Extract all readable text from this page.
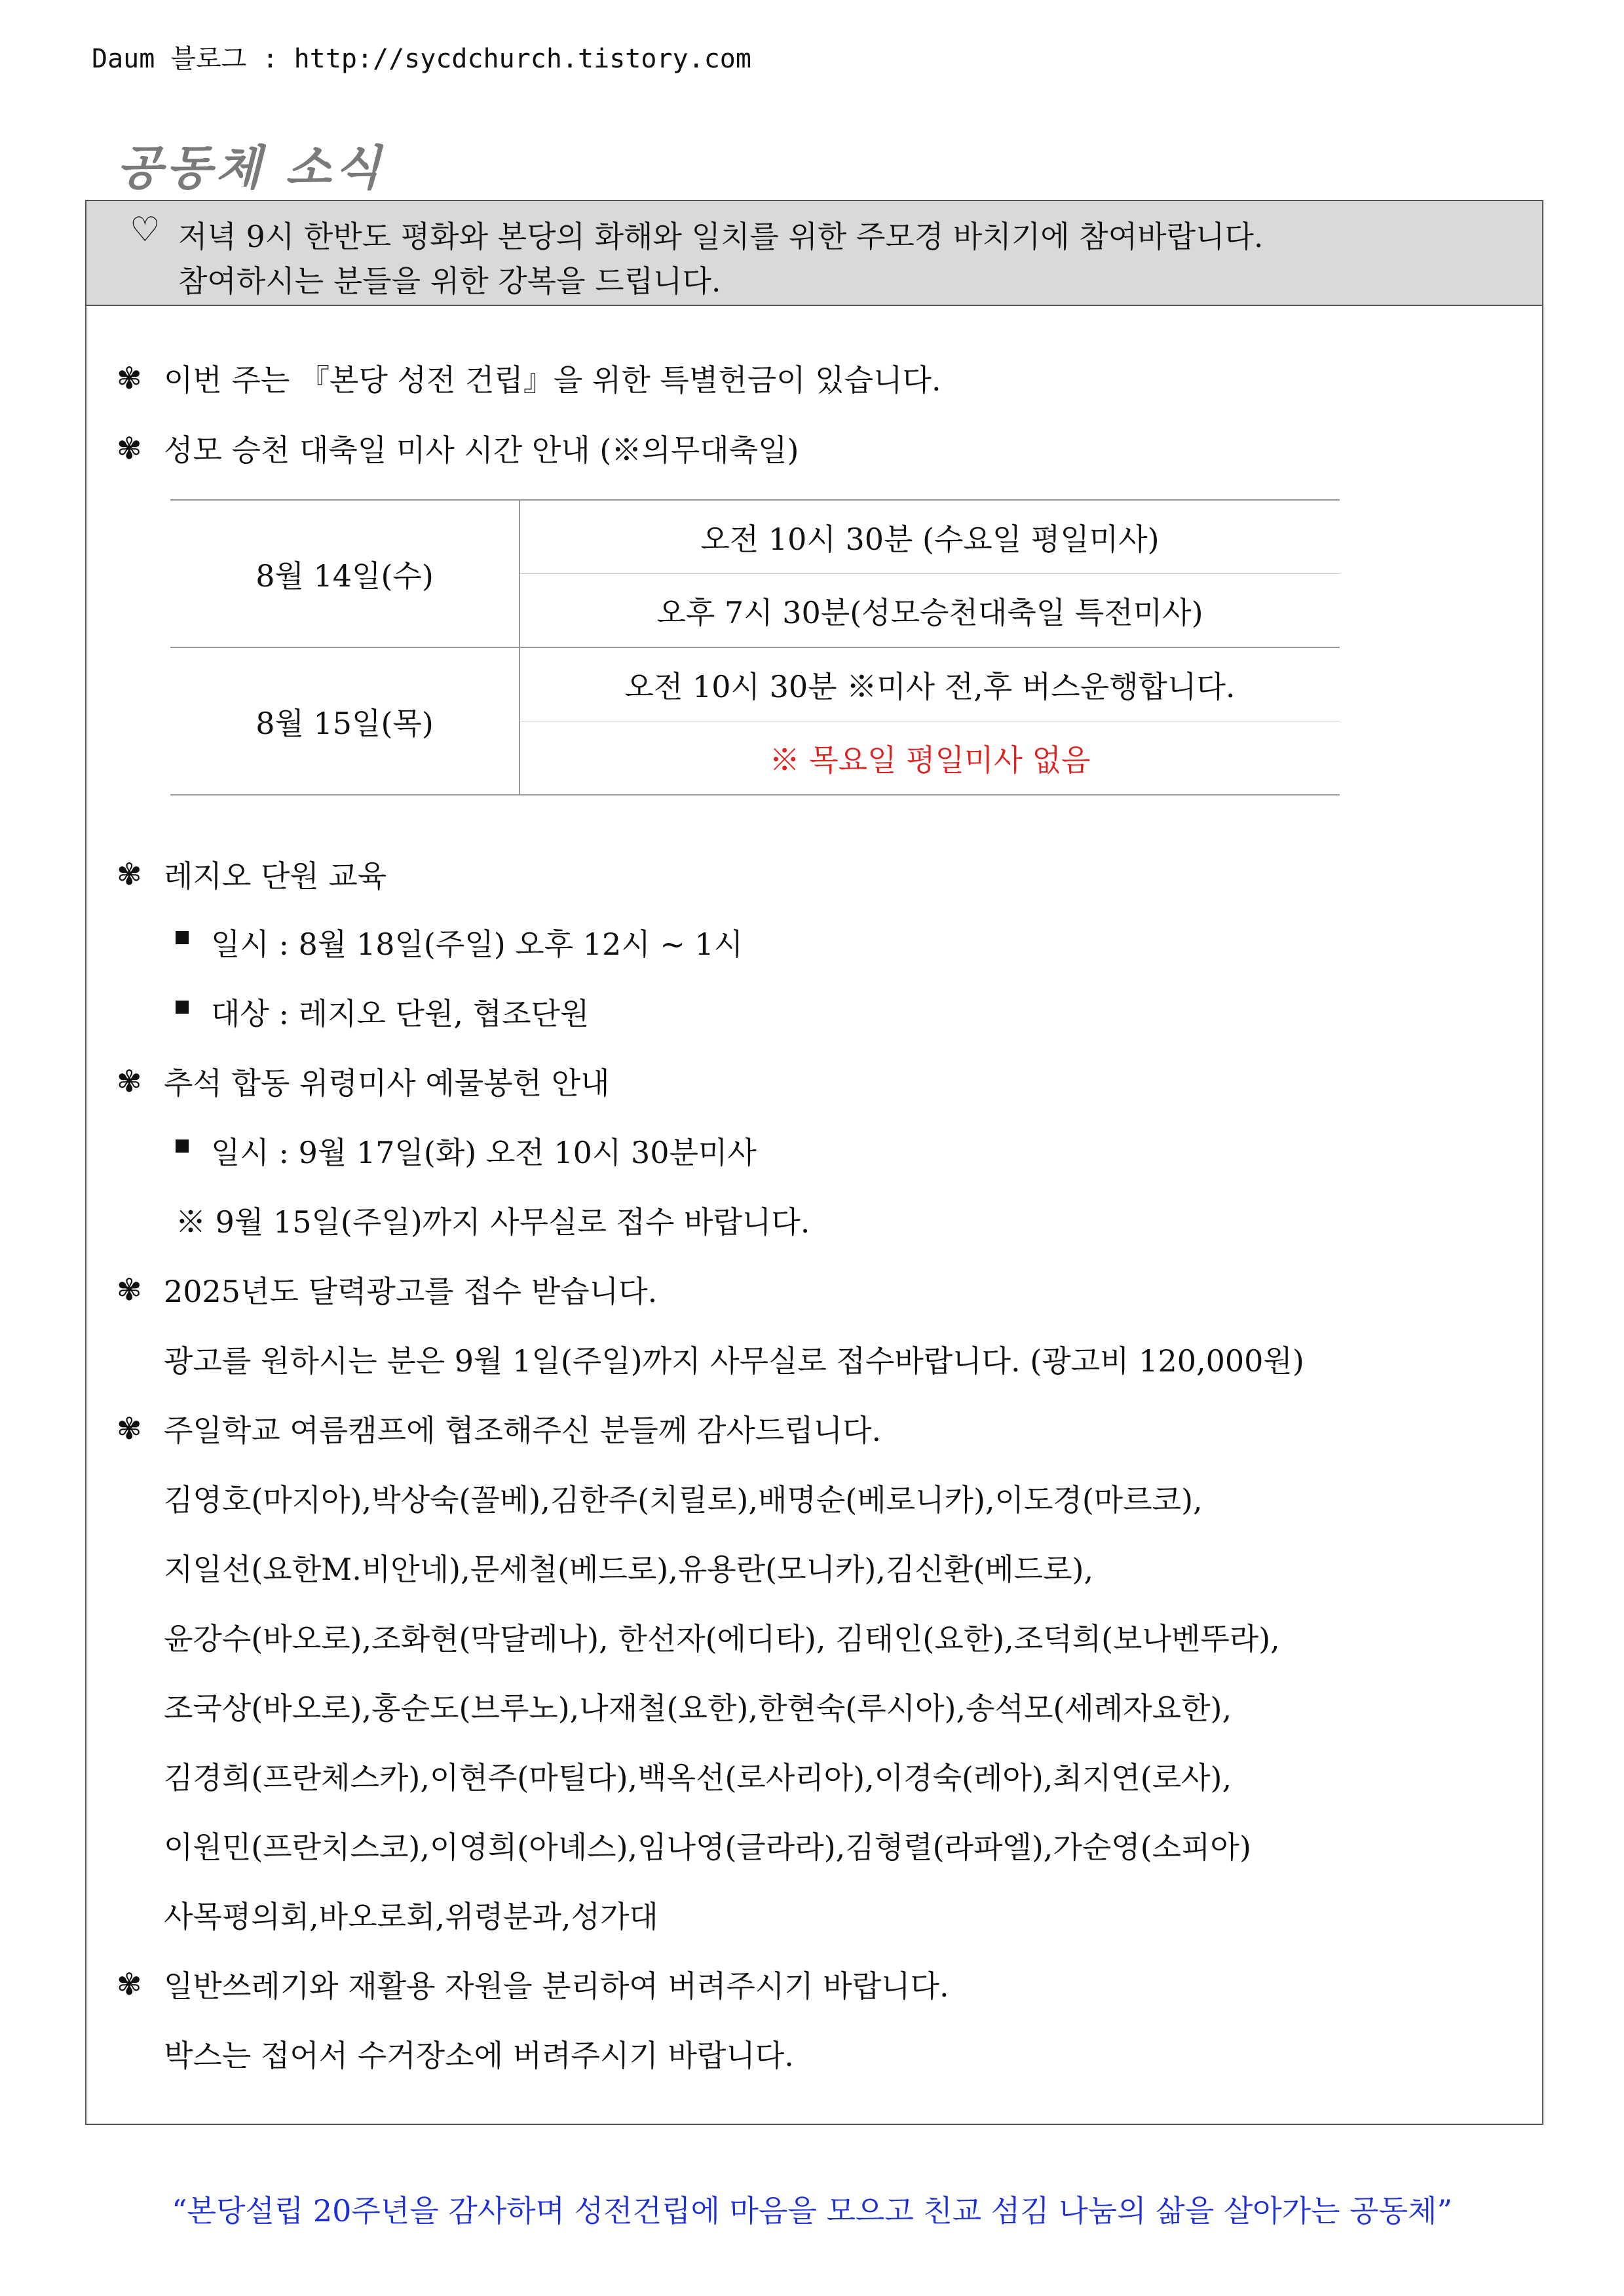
Daum 블로그 : http://sycdchurch.tistory.com
공동체 소식
♡ 저녁 9시 한반도 평화와 본당의 화해와 일치를 위한 주모경 바치기에 참여바랍니다.
참여하시는 분들을 위한 강복을 드립니다.
✾ 이번 주는 『본당 성전 건립』을 위한 특별헌금이 있습니다.
✾ 성모 승천 대축일 미사 시간 안내 (※의무대축일)
8월 14일(수)	오전 10시 30분 (수요일 평일미사)
	오후 7시 30분(성모승천대축일 특전미사)
8월 15일(목)	오전 10시 30분 ※미사 전,후 버스운행합니다.
	※ 목요일 평일미사 없음
✾ 레지오 단원 교육
일시 : 8월 18일(주일) 오후 12시 ~ 1시
대상 : 레지오 단원, 협조단원
✾ 추석 합동 위령미사 예물봉헌 안내
일시 : 9월 17일(화) 오전 10시 30분미사
※ 9월 15일(주일)까지 사무실로 접수 바랍니다.
✾ 2025년도 달력광고를 접수 받습니다.
광고를 원하시는 분은 9월 1일(주일)까지 사무실로 접수바랍니다. (광고비 120,000원)
✾ 주일학교 여름캠프에 협조해주신 분들께 감사드립니다.
김영호(마지아),박상숙(꼴베),김한주(치릴로),배명순(베로니카),이도경(마르코),
지일선(요한M.비안네),문세철(베드로),유용란(모니카),김신환(베드로),
윤강수(바오로),조화현(막달레나), 한선자(에디타), 김태인(요한),조덕희(보나벤뚜라),
조국상(바오로),홍순도(브루노),나재철(요한),한현숙(루시아),송석모(세례자요한),
김경희(프란체스카),이현주(마틸다),백옥선(로사리아),이경숙(레아),최지연(로사),
이원민(프란치스코),이영희(아녜스),임나영(글라라),김형렬(라파엘),가순영(소피아)
사목평의회,바오로회,위령분과,성가대
✾ 일반쓰레기와 재활용 자원을 분리하여 버려주시기 바랍니다.
박스는 접어서 수거장소에 버려주시기 바랍니다.
“본당설립 20주년을 감사하며 성전건립에 마음을 모으고 친교 섬김 나눔의 삶을 살아가는 공동체”
